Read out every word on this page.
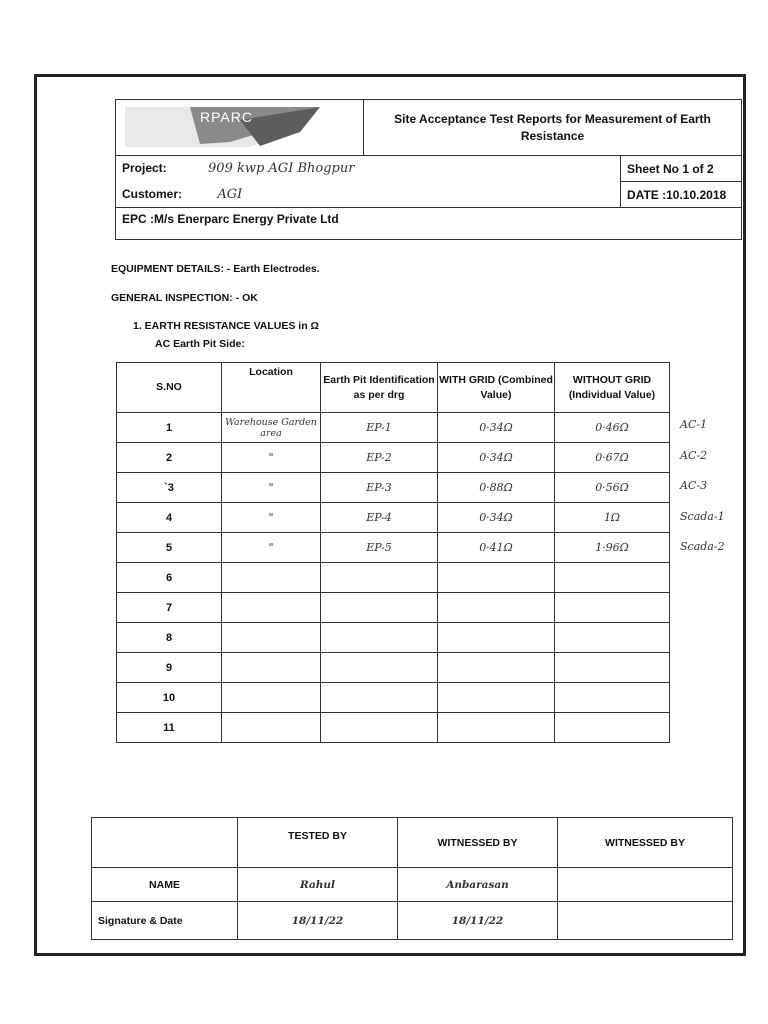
RPARC
		Site Acceptance Test Reports for Measurement of Earth Resistance	
Project: 909 kwp AGI Bhogpur		Sheet No 1 of 2
Customer: AGI		DATE :10.10.2018
EPC :M/s Enerparc Energy Private Ltd		
EQUIPMENT DETAILS: - Earth Electrodes.
GENERAL INSPECTION: - OK
1. EARTH RESISTANCE VALUES in Ω
AC Earth Pit Side:
S.NO	Location	Earth Pit Identification as per drg	WITH GRID (Combined Value)	WITHOUT GRID (Individual Value)
1	Warehouse Garden area	EP-1	0·34Ω	0·46Ω
2	"	EP-2	0·34Ω	0·67Ω
`3	"	EP-3	0·88Ω	0·56Ω
4	"	EP-4	0·34Ω	1Ω
5	"	EP-5	0·41Ω	1·96Ω
6				
7				
8				
9				
10				
11				
AC-1
AC-2
AC-3
Scada-1
Scada-2
	TESTED BY	WITNESSED BY	WITNESSED BY
NAME	Rahul	Anbarasan	
Signature & Date	18/11/22	18/11/22	
